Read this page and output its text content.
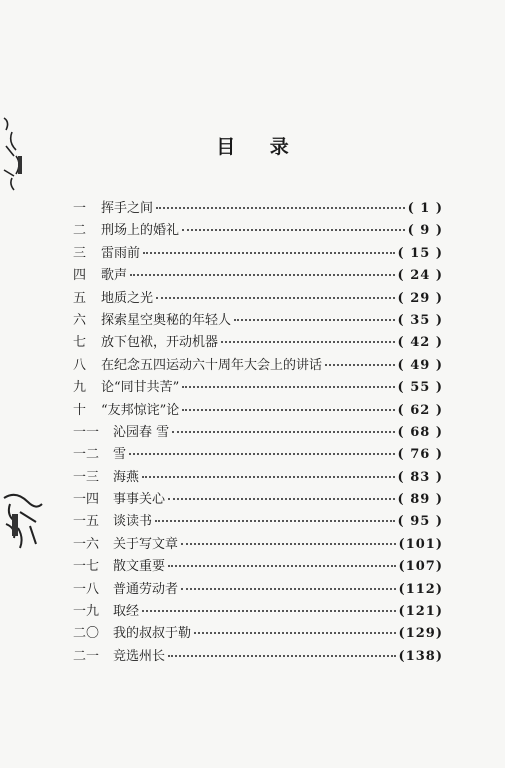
目 录
一	挥手之间	( 1 )
二	刑场上的婚礼	( 9 )
三	雷雨前	( 15 )
四	歌声	( 24 )
五	地质之光	( 29 )
六	探索星空奥秘的年轻人	( 35 )
七	放下包袱，开动机器	( 42 )
八	在纪念五四运动六十周年大会上的讲话	( 49 )
九	论“同甘共苦”	( 55 )
十	“友邦惊诧”论	( 62 )
一一	沁园春 雪	( 68 )
一二	雪	( 76 )
一三	海燕	( 83 )
一四	事事关心	( 89 )
一五	谈读书	( 95 )
一六	关于写文章	(101)
一七	散文重要	(107)
一八	普通劳动者	(112)
一九	取经	(121)
二〇	我的叔叔于勒	(129)
二一	竞选州长	(138)
